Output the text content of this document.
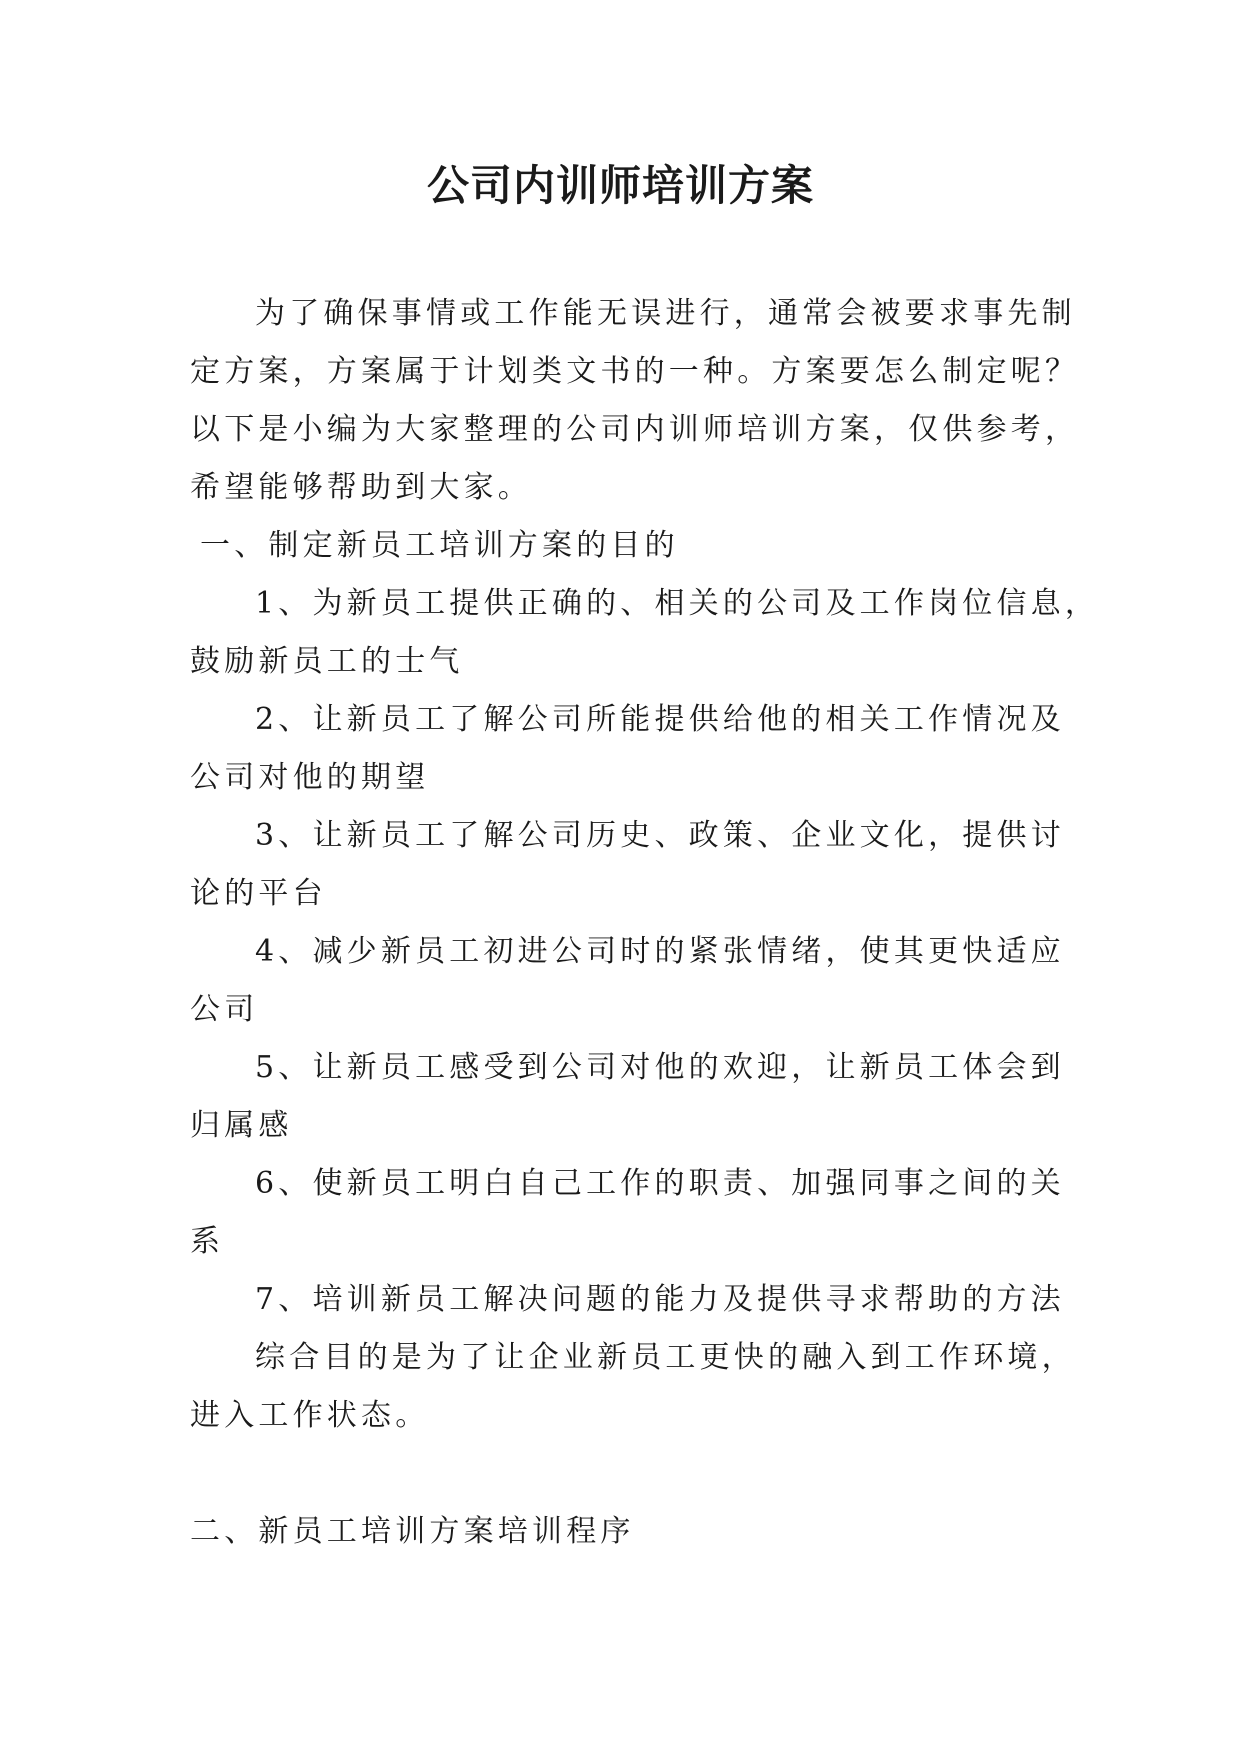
公司内训师培训方案
为了确保事情或工作能无误进行，通常会被要求事先制
定方案，方案属于计划类文书的一种。方案要怎么制定呢？
以下是小编为大家整理的公司内训师培训方案，仅供参考，
希望能够帮助到大家。
一、制定新员工培训方案的目的
1、为新员工提供正确的、相关的公司及工作岗位信息，
鼓励新员工的士气
2、让新员工了解公司所能提供给他的相关工作情况及
公司对他的期望
3、让新员工了解公司历史、政策、企业文化，提供讨
论的平台
4、减少新员工初进公司时的紧张情绪，使其更快适应
公司
5、让新员工感受到公司对他的欢迎，让新员工体会到
归属感
6、使新员工明白自己工作的职责、加强同事之间的关
系
7、培训新员工解决问题的能力及提供寻求帮助的方法
综合目的是为了让企业新员工更快的融入到工作环境，
进入工作状态。
二、新员工培训方案培训程序
